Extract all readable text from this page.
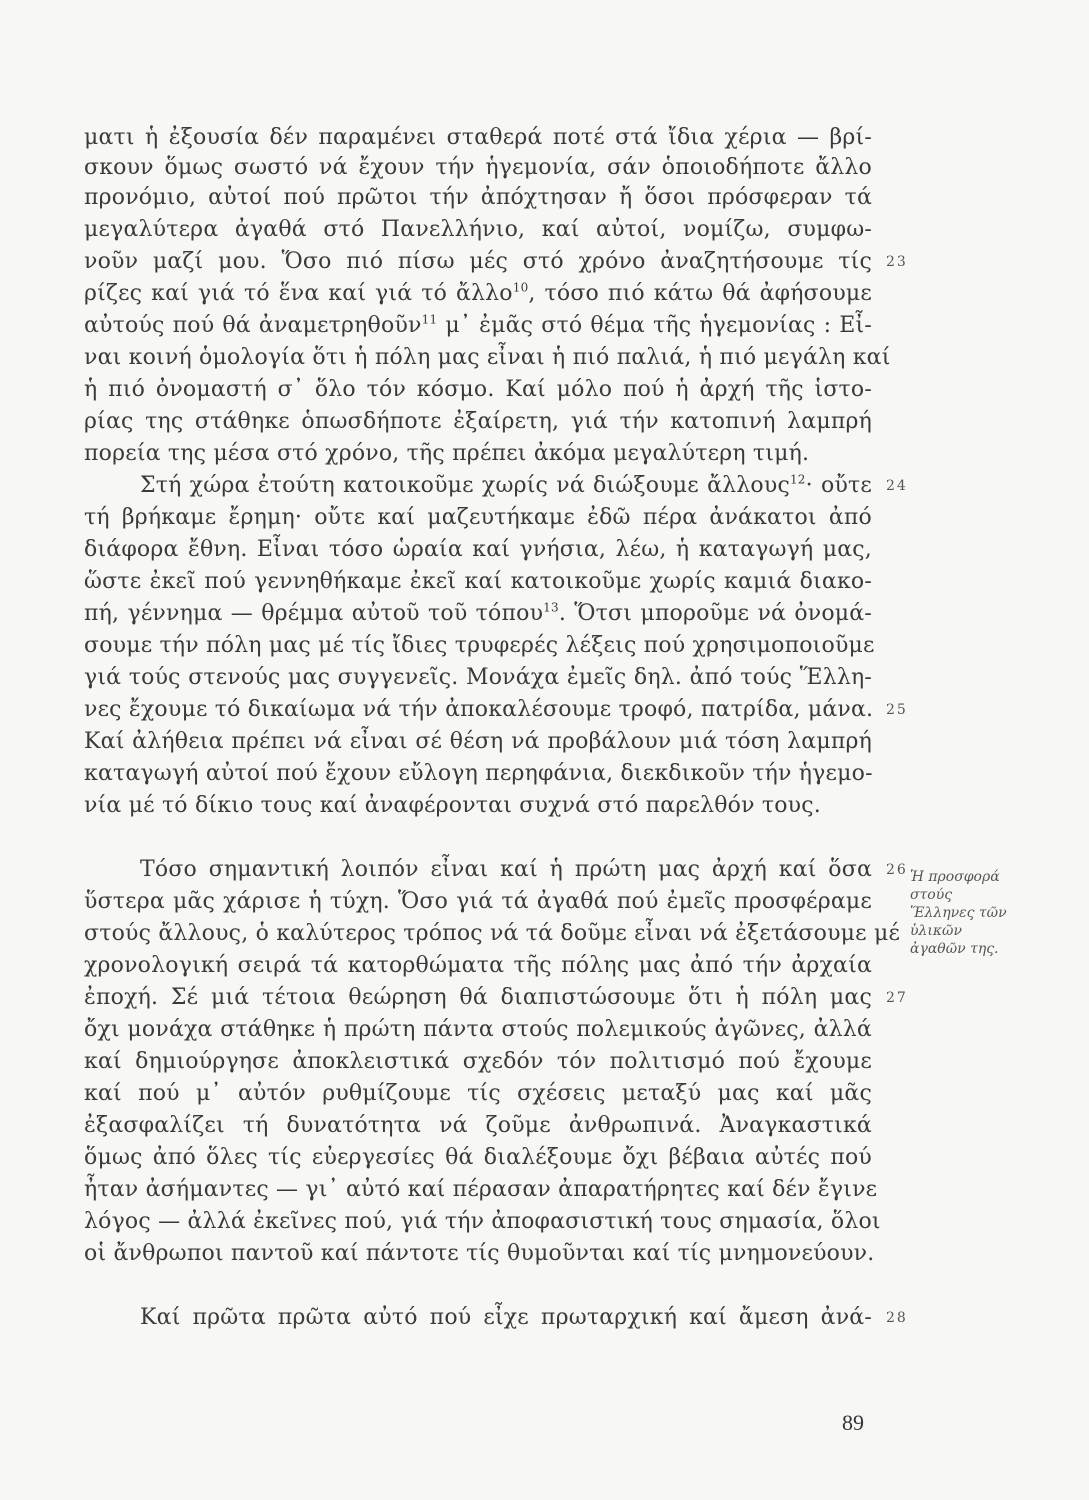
ματι ἡ ἐξουσία δέν παραμένει σταθερά ποτέ στά ἴδια χέρια — βρί-
σκουν ὅμως σωστό νά ἔχουν τήν ἡγεμονία, σάν ὁποιοδήποτε ἄλλο
προνόμιο, αὐτοί πού πρῶτοι τήν ἀπόχτησαν ἤ ὅσοι πρόσφεραν τά
μεγαλύτερα ἀγαθά στό Πανελλήνιο, καί αὐτοί, νομίζω, συμφω-
νοῦν μαζί μου. Ὅσο πιό πίσω μές στό χρόνο ἀναζητήσουμε τίς
ρίζες καί γιά τό ἕνα καί γιά τό ἄλλο$^{10}$, τόσο πιό κάτω θά ἀφήσουμε
αὐτούς πού θά ἀναμετρηθοῦν$^{11}$ μ᾽ ἐμᾶς στό θέμα τῆς ἡγεμονίας : Εἶ-
ναι κοινή ὁμολογία ὅτι ἡ πόλη μας εἶναι ἡ πιό παλιά, ἡ πιό μεγάλη καί
ἡ πιό ὀνομαστή σ᾽ ὅλο τόν κόσμο. Καί μόλο πού ἡ ἀρχή τῆς ἱστο-
ρίας της στάθηκε ὁπωσδήποτε ἐξαίρετη, γιά τήν κατοπινή λαμπρή
πορεία της μέσα στό χρόνο, τῆς πρέπει ἀκόμα μεγαλύτερη τιμή.
Στή χώρα ἐτούτη κατοικοῦμε χωρίς νά διώξουμε ἄλλους$^{12}$· οὔτε
τή βρήκαμε ἔρημη· οὔτε καί μαζευτήκαμε ἐδῶ πέρα ἀνάκατοι ἀπό
διάφορα ἔθνη. Εἶναι τόσο ὡραία καί γνήσια, λέω, ἡ καταγωγή μας,
ὥστε ἐκεῖ πού γεννηθήκαμε ἐκεῖ καί κατοικοῦμε χωρίς καμιά διακο-
πή, γέννημα — θρέμμα αὐτοῦ τοῦ τόπου$^{13}$. Ὅτσι μπορoῦμε νά ὀνομά-
σουμε τήν πόλη μας μέ τίς ἴδιες τρυφερές λέξεις πού χρησιμοποιοῦμε
γιά τούς στενούς μας συγγενεῖς. Μονάχα ἐμεῖς δηλ. ἀπό τούς Ἕλλη-
νες ἔχουμε τό δικαίωμα νά τήν ἀποκαλέσουμε τροφό, πατρίδα, μάνα.
Καί ἀλήθεια πρέπει νά εἶναι σέ θέση νά προβάλουν μιά τόση λαμπρή
καταγωγή αὐτοί πού ἔχουν εὔλογη περηφάνια, διεκδικοῦν τήν ἡγεμο-
νία μέ τό δίκιο τους καί ἀναφέρονται συχνά στό παρελθόν τους.
Τόσο σημαντική λοιπόν εἶναι καί ἡ πρώτη μας ἀρχή καί ὅσα
ὕστερα μᾶς χάρισε ἡ τύχη. Ὅσο γιά τά ἀγαθά πού ἐμεῖς προσφέραμε
στούς ἄλλους, ὁ καλύτερος τρόπος νά τά δοῦμε εἶναι νά ἐξετάσουμε μέ
χρονολογική σειρά τά κατορθώματα τῆς πόλης μας ἀπό τήν ἀρχαία
ἐποχή. Σέ μιά τέτοια θεώρηση θά διαπιστώσουμε ὅτι ἡ πόλη μας
ὄχι μονάχα στάθηκε ἡ πρώτη πάντα στούς πολεμικούς ἀγῶνες, ἀλλά
καί δημιούργησε ἀποκλειστικά σχεδόν τόν πολιτισμό πού ἔχουμε
καί πού μ᾽ αὐτόν ρυθμίζουμε τίς σχέσεις μεταξύ μας καί μᾶς
ἐξασφαλίζει τή δυνατότητα νά ζοῦμε ἀνθρωπινά. Ἀναγκαστικά
ὅμως ἀπό ὅλες τίς εὐεργεσίες θά διαλέξουμε ὄχι βέβαια αὐτές πού
ἦταν ἀσήμαντες — γι᾽ αὐτό καί πέρασαν ἀπαρατήρητες καί δέν ἔγινε
λόγος — ἀλλά ἐκεῖνες πού, γιά τήν ἀποφασιστική τους σημασία, ὅλοι
οἱ ἄνθρωποι παντοῦ καί πάντοτε τίς θυμοῦνται καί τίς μνημονεύουν.
Καί πρῶτα πρῶτα αὐτό πού εἶχε πρωταρχική καί ἄμεση ἀνά-
23
24
25
26
27
28
Ἡ προσφορά
στούς
Ἕλληνες τῶν
ὑλικῶν
ἀγαθῶν της.
89
